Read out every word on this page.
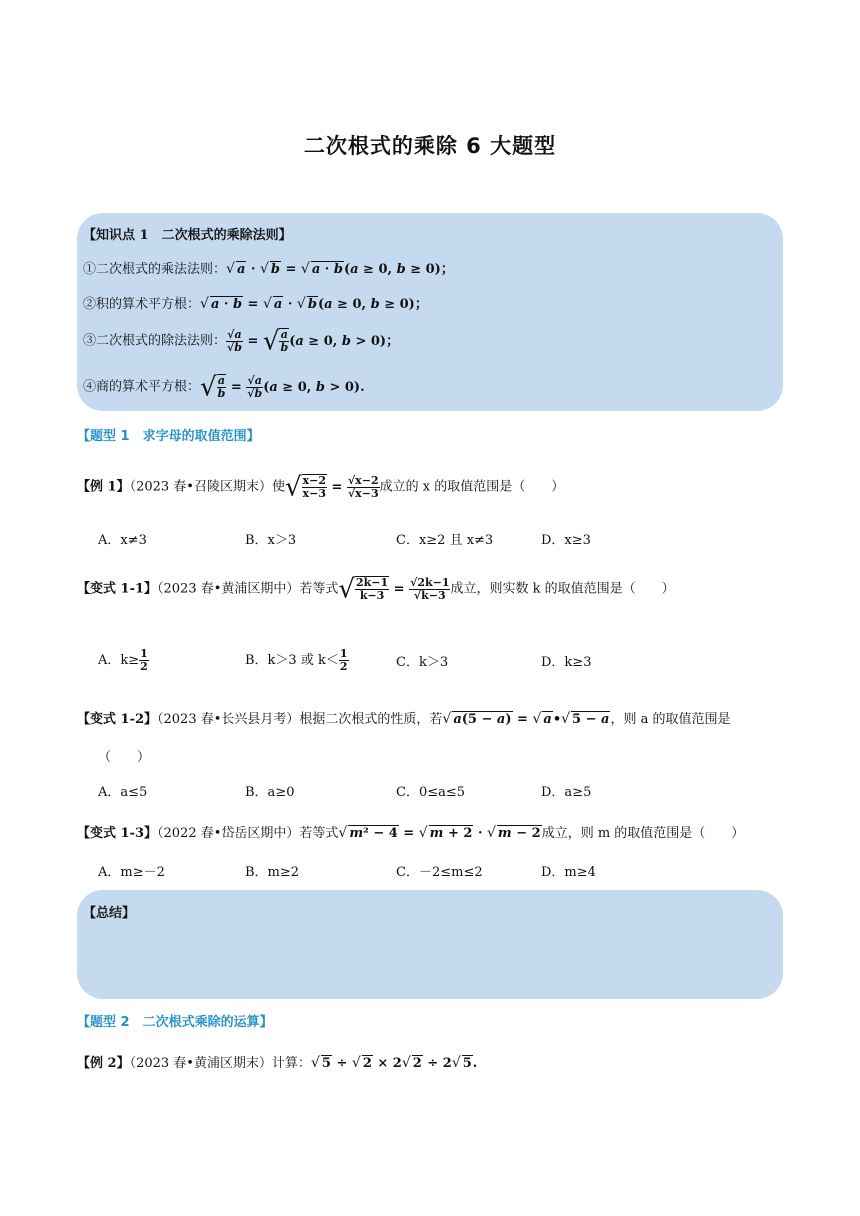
二次根式的乘除 6 大题型
【知识点 1　二次根式的乘除法则】
①二次根式的乘法法则：√ a · √ b = √ a · b(a ≥ 0, b ≥ 0)；
②积的算术平方根：√ a · b = √ a · √ b(a ≥ 0, b ≥ 0)；
③二次根式的除法法则： $\frac{√a}{√b}$ = √ $\frac{a}{b} (a \ge 0$, b > 0)；
④商的算术平方根：√ $\frac{a}{b} = \frac{√a}{√b} (a \ge 0$, b > 0).
【题型 1　求字母的取值范围】
【例 1】（2023 春•召陵区期末）使√ $\frac{x-2}{x-3} = \frac{√x-2}{√x-3}$ 成立的 x 的取值范围是（　　）
A．x≠3	B．x＞3	C．x≥2 且 x≠3	D．x≥3
【变式 1-1】（2023 春•黄浦区期中）若等式√ $\frac{2k-1}{k-3} = \frac{√2k-1}{√k-3}$ 成立，则实数 k 的取值范围是（　　）
A．$k\ge \frac{1}{2}$	B．k＞3 或 $k< \frac{1}{2}$	C．k＞3	D．k≥3
【变式 1-2】（2023 春•长兴县月考）根据二次根式的性质，若√ a(5 − a) = √ a•√ 5 − a，则 a 的取值范围是
（　　）
A．a≤5	B．a≥0	C．0≤a≤5	D．a≥5
【变式 1-3】（2022 春•岱岳区期中）若等式√ m² − 4 = √ m + 2 · √ m − 2成立，则 m 的取值范围是（　　）
A．m≥－2	B．m≥2	C．－2≤m≤2	D．m≥4
【总结】
【题型 2　二次根式乘除的运算】
【例 2】（2023 春•黄浦区期末）计算：√ 5 ÷ √ 2 × 2√ 2 ÷ 2√ 5.
